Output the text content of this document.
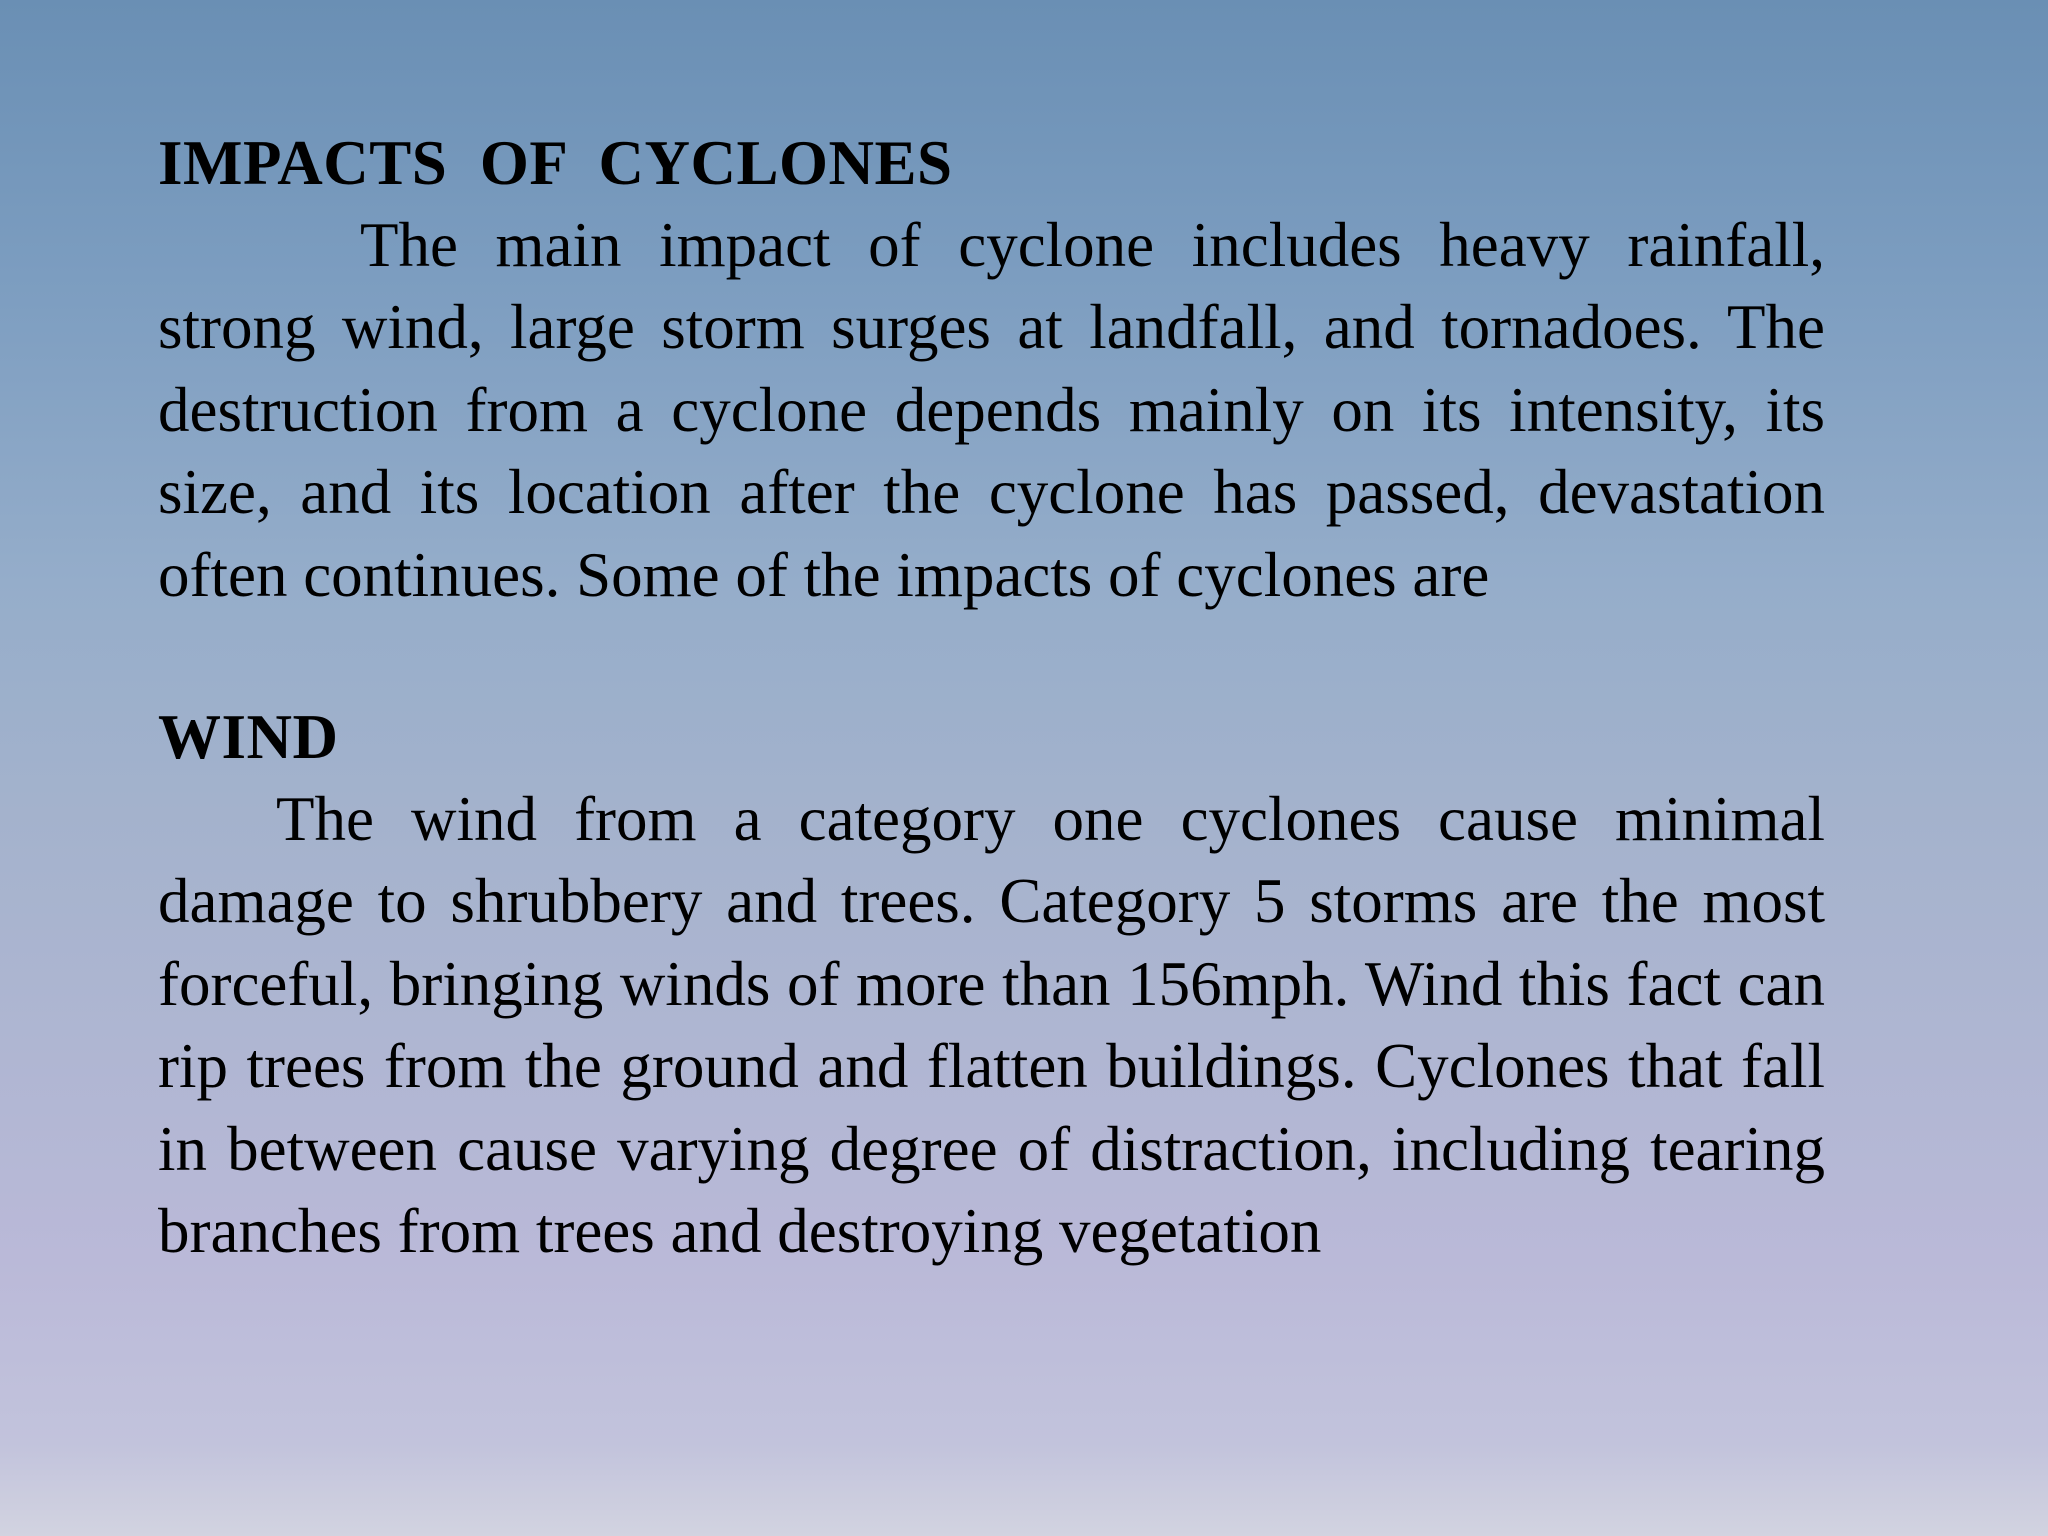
IMPACTS  OF  CYCLONES

The main impact of cyclone includes heavy rainfall, strong wind, large storm surges at landfall, and tornadoes. The destruction from a cyclone depends mainly on its intensity, its size, and its location after the cyclone has passed, devastation often continues. Some of the impacts of cyclones are

WIND

The wind from a category one cyclones cause minimal damage to shrubbery and trees. Category 5 storms are the most forceful, bringing winds of more than 156mph. Wind this fact can rip trees from the ground and flatten buildings. Cyclones that fall in between cause varying degree of distraction, including tearing branches from trees and destroying vegetation
